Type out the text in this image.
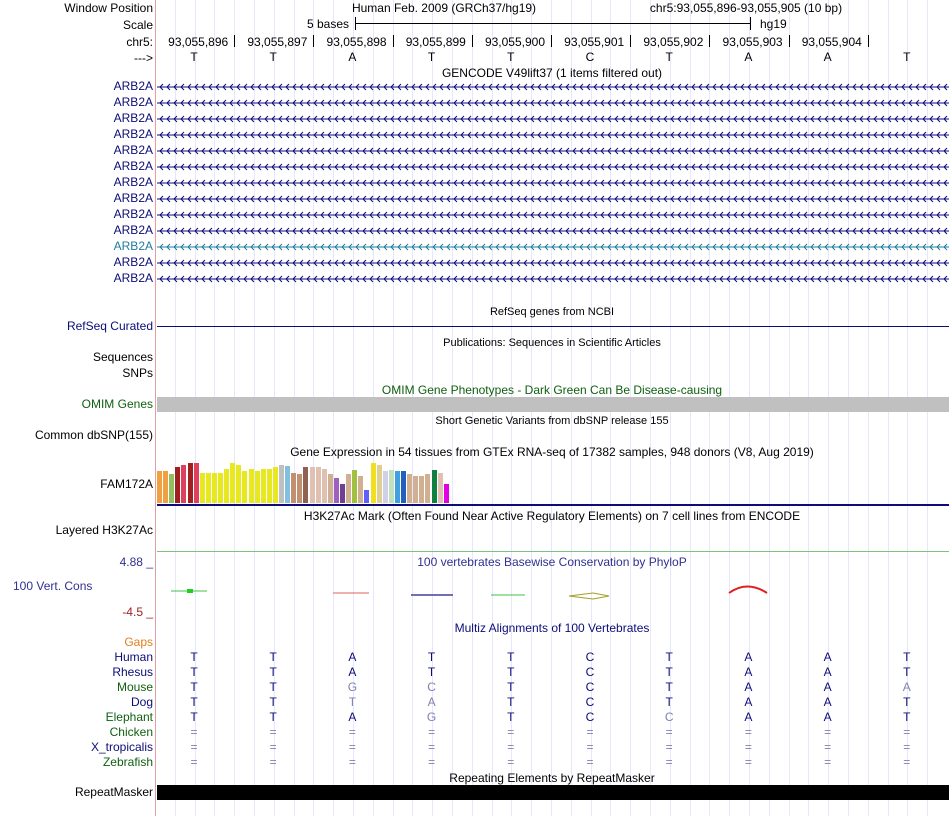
Window Position	Human Feb. 2009 (GRCh37/hg19)	chr5:93,055,896-93,055,905 (10 bp)
Scale	5 bases	hg19
chr5: 93,055,896 93,055,897 93,055,898 93,055,899 93,055,900 93,055,901 93,055,902 93,055,903 93,055,904
--->	T	T	A	T	T	C	T	A	A	T
GENCODE V49lift37 (1 items filtered out)
ARB2A
ARB2A
ARB2A
ARB2A
ARB2A
ARB2A
ARB2A
ARB2A
ARB2A
ARB2A
ARB2A
ARB2A
ARB2A
RefSeq genes from NCBI
RefSeq Curated
Publications: Sequences in Scientific Articles
Sequences
SNPs
OMIM Gene Phenotypes - Dark Green Can Be Disease-causing
OMIM Genes
Short Genetic Variants from dbSNP release 155
Common dbSNP(155)
Gene Expression in 54 tissues from GTEx RNA-seq of 17382 samples, 948 donors (V8, Aug 2019)
FAM172A
H3K27Ac Mark (Often Found Near Active Regulatory Elements) on 7 cell lines from ENCODE
Layered H3K27Ac
100 vertebrates Basewise Conservation by PhyloP
4.88 _
100 Vert. Cons
-4.5 _
Multiz Alignments of 100 Vertebrates
Gaps
Human	T	T	A	T	T	C	T	A	A	T
Rhesus	T	T	A	T	T	C	T	A	A	T
Mouse	T	T	G	C	T	C	T	A	A	A
Dog	T	T	T	A	T	C	T	A	A	T
Elephant	T	T	A	G	T	C	C	A	A	T
Chicken	=	=	=	=	=	=	=	=	=	=
X_tropicalis	=	=	=	=	=	=	=	=	=	=
Zebrafish	=	=	=	=	=	=	=	=	=	=
Repeating Elements by RepeatMasker
RepeatMasker
